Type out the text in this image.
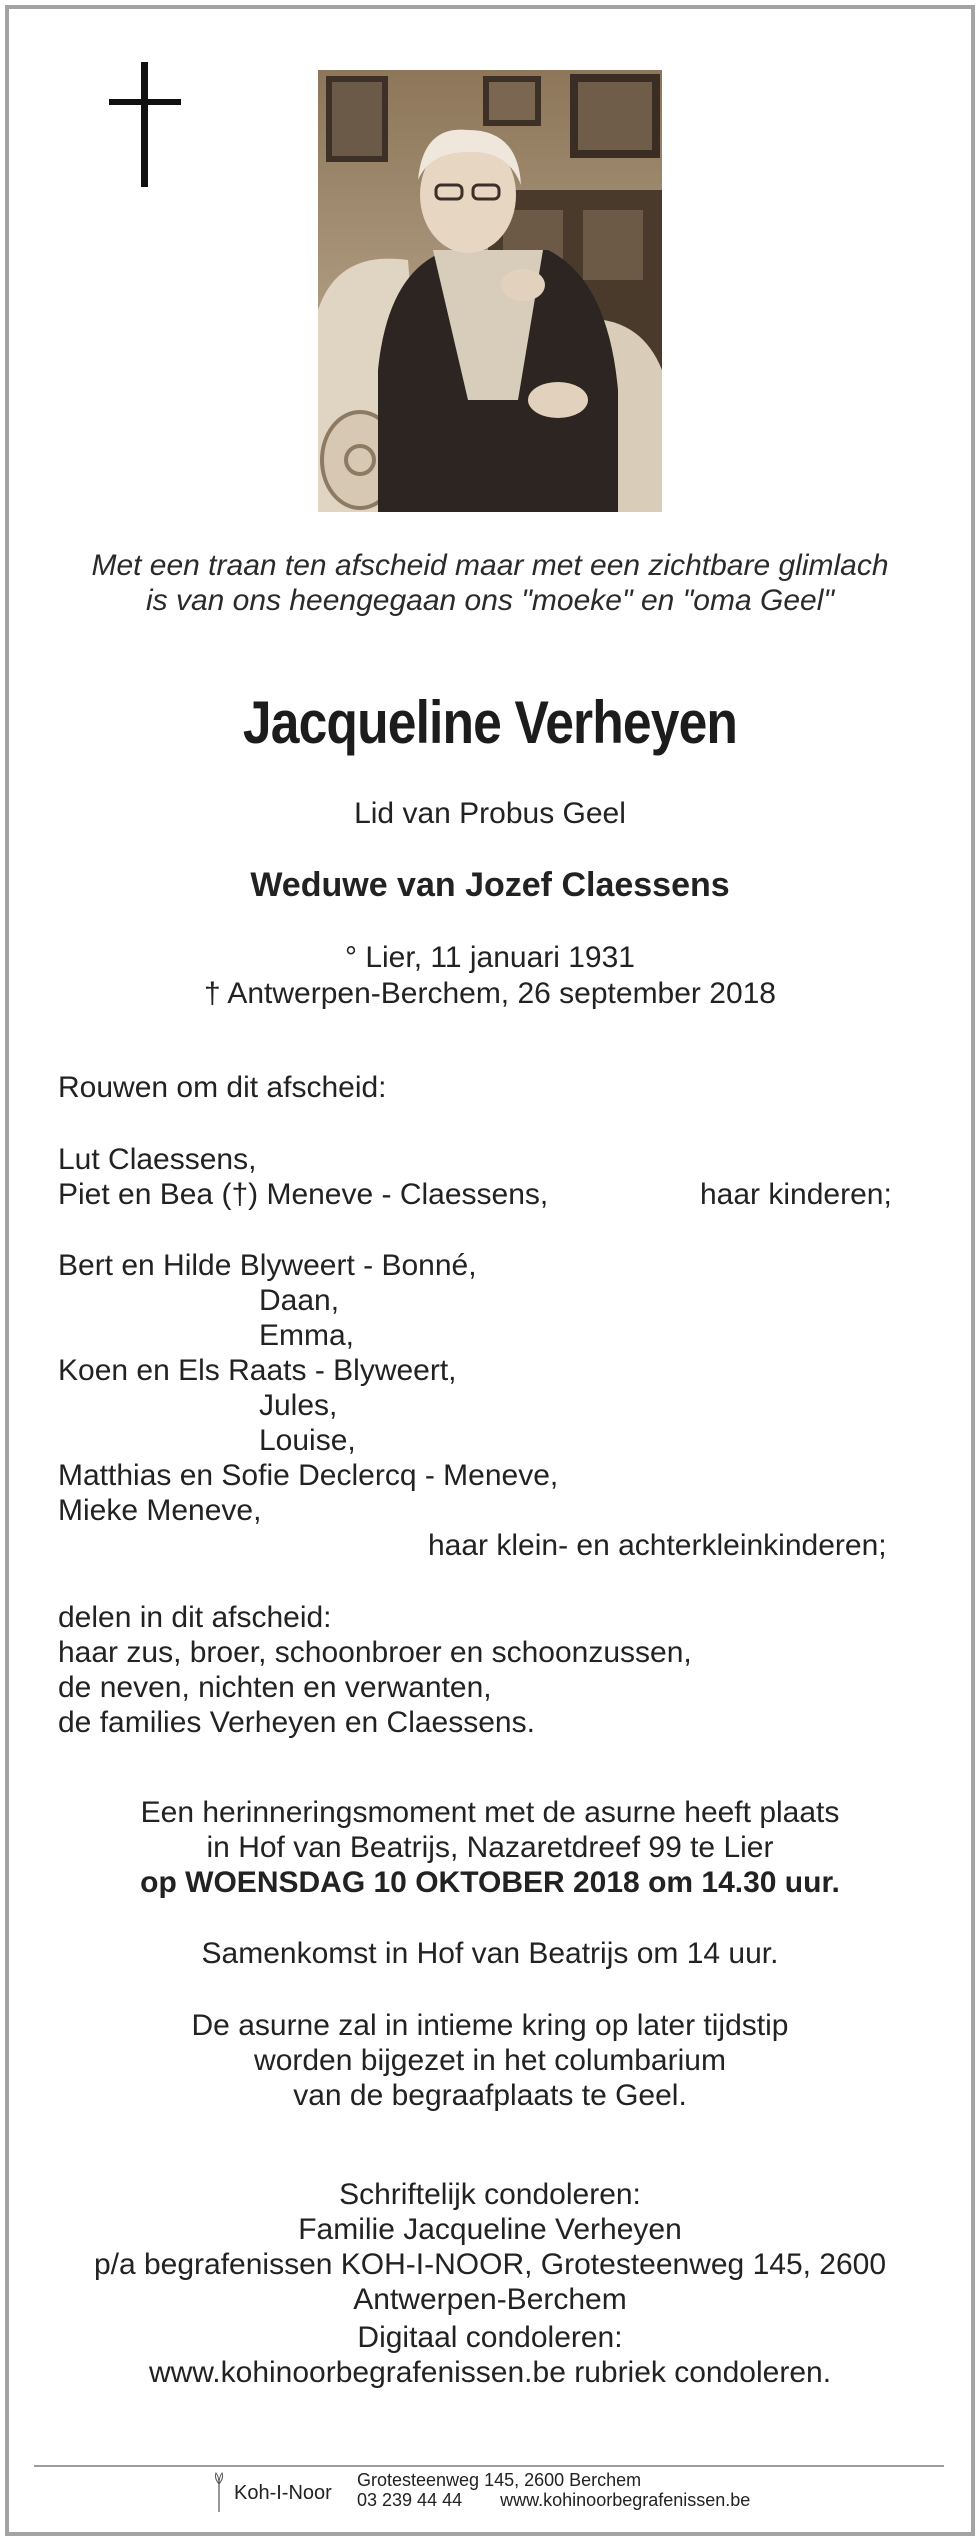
Met een traan ten afscheid maar met een zichtbare glimlach
is van ons heengegaan ons "moeke" en "oma Geel"
Jacqueline Verheyen
Lid van Probus Geel
Weduwe van Jozef Claessens
° Lier, 11 januari 1931
† Antwerpen-Berchem, 26 september 2018
Rouwen om dit afscheid:
Lut Claessens,
Piet en Bea (†) Meneve - Claessens,	haar kinderen;
Bert en Hilde Blyweert - Bonné,
Daan,
Emma,
Koen en Els Raats - Blyweert,
Jules,
Louise,
Matthias en Sofie Declercq - Meneve,
Mieke Meneve,
haar klein- en achterkleinkinderen;
delen in dit afscheid:
haar zus, broer, schoonbroer en schoonzussen,
de neven, nichten en verwanten,
de families Verheyen en Claessens.
Een herinneringsmoment met de asurne heeft plaats
in Hof van Beatrijs, Nazaretdreef 99 te Lier
op WOENSDAG 10 OKTOBER 2018 om 14.30 uur.
Samenkomst in Hof van Beatrijs om 14 uur.
De asurne zal in intieme kring op later tijdstip
worden bijgezet in het columbarium
van de begraafplaats te Geel.
Schriftelijk condoleren:
Familie Jacqueline Verheyen
p/a begrafenissen KOH-I-NOOR, Grotesteenweg 145, 2600
Antwerpen-Berchem
Digitaal condoleren:
www.kohinoorbegrafenissen.be rubriek condoleren.
Koh-I-Noor
Grotesteenweg 145, 2600 Berchem
03 239 44 44 www.kohinoorbegrafenissen.be
